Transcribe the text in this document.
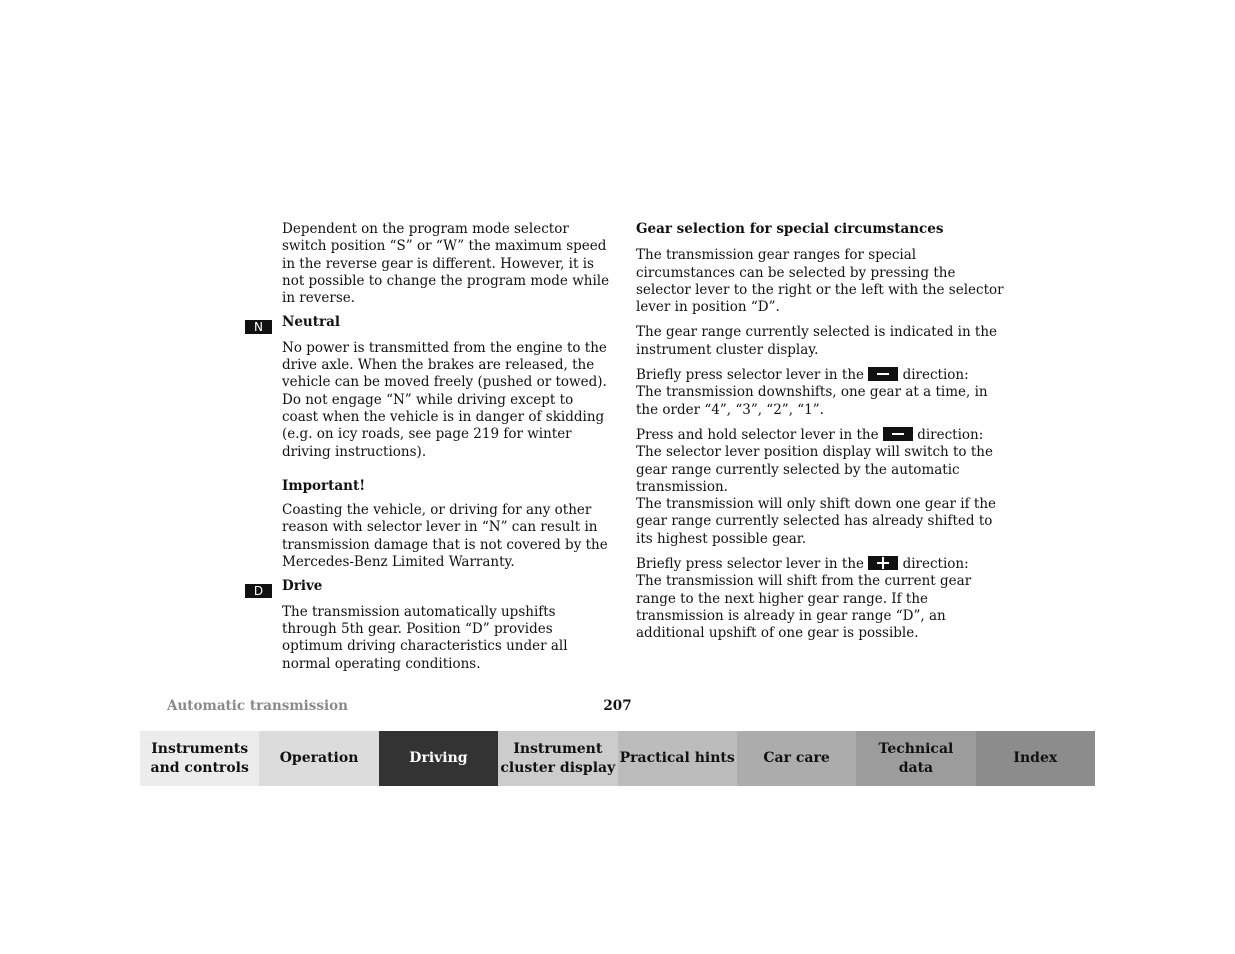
Dependent on the program mode selector switch position “S” or “W” the maximum speed in the reverse gear is different. However, it is not possible to change the program mode while in reverse.

Neutral

No power is transmitted from the engine to the drive axle. When the brakes are released, the vehicle can be moved freely (pushed or towed). Do not engage “N” while driving except to coast when the vehicle is in danger of skidding (e.g. on icy roads, see page 219 for winter driving instructions).

Important!

Coasting the vehicle, or driving for any other reason with selector lever in “N” can result in transmission damage that is not covered by the Mercedes-Benz Limited Warranty.

Drive

The transmission automatically upshifts through 5th gear. Position “D” provides optimum driving characteristics under all normal operating conditions.

N
D

Gear selection for special circumstances

The transmission gear ranges for special circumstances can be selected by pressing the selector lever to the right or the left with the selector lever in position “D”.

The gear range currently selected is indicated in the instrument cluster display.

Briefly press selector lever in the	direction:

The transmission downshifts, one gear at a time, in the order “4”, “3”, “2”, “1”.

Press and hold selector lever in the	direction:

The selector lever position display will switch to the gear range currently selected by the automatic transmission.

The transmission will only shift down one gear if the gear range currently selected has already shifted to its highest possible gear.

Briefly press selector lever in the	direction:

The transmission will shift from the current gear range to the next higher gear range. If the transmission is already in gear range “D”, an additional upshift of one gear is possible.

Automatic transmission	207
Instruments
and controls
Operation	Driving
Instrument
cluster display
Practical hints Car care
Technical
data
Index
